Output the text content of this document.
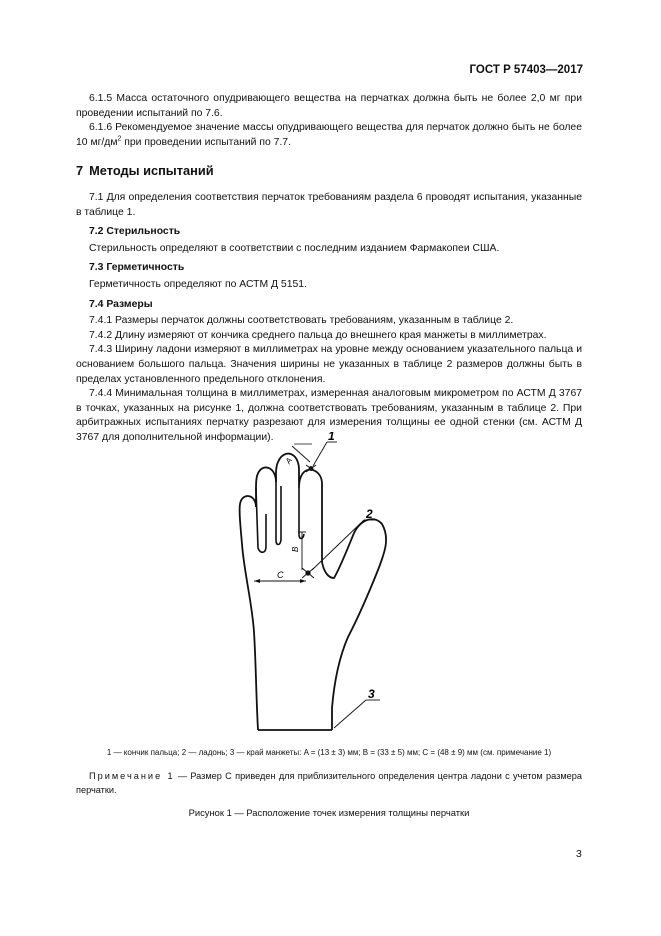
ГОСТ Р 57403—2017

6.1.5 Масса остаточного опудривающего вещества на перчатках должна быть не более 2,0 мг при проведении испытаний по 7.6.

6.1.6 Рекомендуемое значение массы опудривающего вещества для перчаток должно быть не более 10 $мг/дм^2$ при проведении испытаний по 7.7.

7 Методы испытаний

7.1 Для определения соответствия перчаток требованиям раздела 6 проводят испытания, указанные в таблице 1.

7.2 Стерильность

Стерильность определяют в соответствии с последним изданием Фармакопеи США.

7.3 Герметичность

Герметичность определяют по АСТМ Д 5151.

7.4 Размеры

7.4.1 Размеры перчаток должны соответствовать требованиям, указанным в таблице 2.

7.4.2 Длину измеряют от кончика среднего пальца до внешнего края манжеты в миллиметрах.

7.4.3 Ширину ладони измеряют в миллиметрах на уровне между основанием указательного пальца и основанием большого пальца. Значения ширины не указанных в таблице 2 размеров должны быть в пределах установленного предельного отклонения.

7.4.4 Минимальная толщина в миллиметрах, измеренная аналоговым микрометром по АСТМ Д 3767 в точках, указанных на рисунке 1, должна соответствовать требованиям, указанным в таблице 2. При арбитражных испытаниях перчатку разрезают для измерения толщины ее одной стенки (см. АСТМ Д 3767 для дополнительной информации).

A
1
B
2
C
3
1 — кончик пальца; 2 — ладонь; 3 — край манжеты: A = (13 ± 3) мм; B = (33 ± 5) мм; C = (48 ± 9) мм (см. примечание 1)
Примечание 1 — Размер C приведен для приблизительного определения центра ладони с учетом размера перчатки.
Рисунок 1 — Расположение точек измерения толщины перчатки
3
